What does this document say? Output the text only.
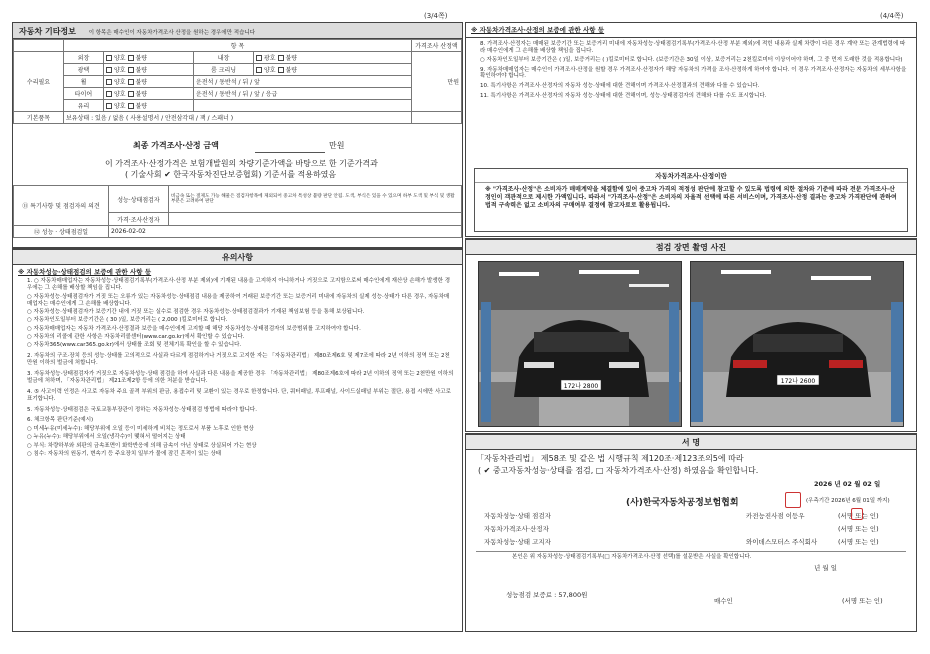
(3/4쪽)	(4/4쪽)
자동차 기타정보 이 항목은 매수인이 자동차가격조사 산정을 원하는 경우에만 적습니다
	항 목				가격조사 산정액
수리필요	외장	양호 불량	내장	광호 불량	만원
	광택	양호 불량	룸 크리닝	양호 불량	
	휠	양호 불량	운전석 / 동반석 / 뒤 / 앞		
	타이어	양호 불량	운전석 / 동반석 / 뒤 / 앞 / 응급		
	유리	양호 불량			
기본품목	보유상태 : 있음 / 없음 ( 사용설명서 / 안전삼각대 / 잭 / 스패너 )				
최종 가격조사·산정 금액	만원
이 가격조사·산정가격은 보험개발원의 차량기준가액을 바탕으로 한 기준가격과
( 기술사회 ✔ 한국자동차진단보증협회) 기준서를 적용하였음
⑪ 특기사항 및 점검자의 의견	성능·상태점검자	비금속 또는 절제도 가능 해물은 점검자항목에 제외되어 중고차 특성상 불량 판단 안됨. 도색, 부식은 있을 수 있으며 하부 도색 및 부식 및 생활 부분은 고려하여 판단
	가격·조사산정자	
⑫ 성능 · 상태점검일	2026-02-02	
유의사항
※ 자동차성능·상태점검의 보증에 관한 사항 등

1. ○ 자동차매매업자는 자동차성능·상태점검기록부(가격조사·산정 부분 제외)에 기재된 내용을 고지하지 아니하거나 거짓으로 고지함으로써 매수인에게 재산상 손해가 발생한 경우에는 그 손해를 배상할 책임을 집니다.

○ 자동차성능·상태점검자가 거짓 또는 오류가 있는 자동차성능·상태점검 내용을 제공하여 거래된 보증기간 또는 보증거리 미내에 자동차의 실제 성능·상태가 다른 경우, 자동차매매업자는 매수인에게 그 손해를 배상합니다.

○ 자동차성능·상태점검자가 보증기간 내에 거짓 또는 실수로 점검한 경우 자동차성능·상태점검결과가 기재된 책임보험 등을 통해 보상됩니다.

○ 자동차인도일부터 보증기간은 ( 30 )일, 보증거리는 ( 2,000 )킬로미터로 합니다.

○ 자동차매매업자는 자동차 가격조사·산정결과 보증을 매수인에게 고지할 때 해당 자동차성능·상태점검자의 보증범위를 고지하여야 합니다.

○ 자동차의 리콜에 관한 사항은 자동차리콜센터(www.car.go.kr)에서 확인할 수 있습니다.

○ 자동차365(www.car365.go.kr)에서 상태를 조회 및 전체기록 확인을 할 수 있습니다.

2. 자동차의 구조·장치 등의 성능·상태를 고의적으로 사실과 다르게 점검하거나 거짓으로 고지한 자는 「자동차관리법」 제80조제6호 및 제7조에 따라 2년 이하의 징역 또는 2천만원 이하의 벌금에 처합니다.

3. 자동차성능·상태점검자가 거짓으로 자동차성능·상태 점검을 하여 사실과 다른 내용을 제공한 경우 「자동차관리법」 제80조제6호에 따라 2년 이하의 징역 또는 2천만원 이하의 벌금에 처하며, 「자동차관리법」 제21조제2항 등에 의한 처분을 받습니다.

4. ⑤ 사고이력 인정은 사고로 자동차 주요 골격 부위의 판금, 용접수리 및 교환이 있는 경우로 한정합니다. 단, 쿼터패널, 루프패널, 사이드실패널 부위는 절단, 용접 시에만 사고로 표기합니다.

5. 자동차성능·상태점검은 국토교통부장관이 정하는 자동차성능·상태점검 방법에 따라야 합니다.

6. 체크항목 판단기준(예시)

○ 미세누유(미세누수): 해당부위에 오일 등이 미세하게 비치는 정도로서 부품 노후로 인한 현상

○ 누유(누수): 해당부위에서 오일(냉각수)이 맺혀서 떨어지는 상태

○ 부식: 차량하부와 외판의 금속표면이 화학반응에 의해 금속이 아닌 상태로 상실되어 가는 현상

○ 침수: 자동차의 원동기, 변속기 등 주요장치 일부가 물에 잠긴 흔적이 있는 상태

※ 자동차가격조사·산정의 보증에 관한 사항 등

8. 가격조사·산정자는 매매된 보증기간 또는 보증거리 미내에 자동차성능·상태점검기록부(가격조사·산정 부분 제외)에 적힌 내용과 실제 차량이 다른 경우 계약 또는 관계법령에 따라 매수인에게 그 손해를 배상할 책임을 집니다.

○ 자동차인도일부터 보증기간은 ( )일, 보증거리는 ( )킬로미터로 합니다. (보증기간은 30일 이상, 보증거리는 2천킬로미터 이상이어야 하며, 그 중 먼저 도래한 것을 적용합니다)

9. 자동차매매업자는 매수인이 가격조사·산정을 원할 경우 가격조사·산정자가 해당 자동차의 가격을 조사·산정하게 하여야 합니다. 이 경우 가격조사·산정자는 자동차의 세부사항을 확인하여야 합니다.

10. 특기사항은 가격조사·산정자의 자동차 성능·상태에 대한 견해이며 가격조사·산정결과의 견해와 다를 수 있습니다.

11. 특기사항은 가격조사·산정자의 자동차 성능·상태에 대한 견해이며, 성능·상태점검자의 견해와 다를 수도 표시합니다.

자동차가격조사·산정이란
※ "가격조사·산정"은 소비자가 매매계약을 체결함에 있어 중고차 가격의 적정성 판단에 참고할 수 있도록 법령에 의한 절차와 기준에 따라 전문 가격조사·산정인이 객관적으로 제시한 가액입니다. 따라서 "가격조사·산정"은 소비자의 자율적 선택에 따른 서비스이며, 가격조사·산정 결과는 중고차 가격판단에 관하여 법적 구속력은 없고 소비자의 구매여부 결정에 참고자료로 활용됩니다.
점검 장면 촬영 사진
172나 2800
172나 2600
서 명
「자동차관리법」 제58조 및 같은 법 시행규칙 제120조·제123조의5에 따라
( ✔ 중고자동차성능·상태를 점검, □ 자동차가격조사·산정) 하였음을 확인합니다.
2026 년 02 월 02 일
(사)한국자동차공정보험협회	(우측기간 2026년 6월 01일 까지)
자동차성능·상태 점검자	카전능진사점 이등우	(서명 또는 인)
자동차가격조사·산정자	(서명 또는 인)
자동차성능·상태 고지자	와이데스모터스 주식회사	(서명 또는 인)
본인은 위 자동차성능·상태점검기록부(□ 자동차가격조사·산정 선택)를 설문받은 사실을 확인합니다.
년 월 일
성능점검 보증료 : 57,800원
매수인	(서명 또는 인)
